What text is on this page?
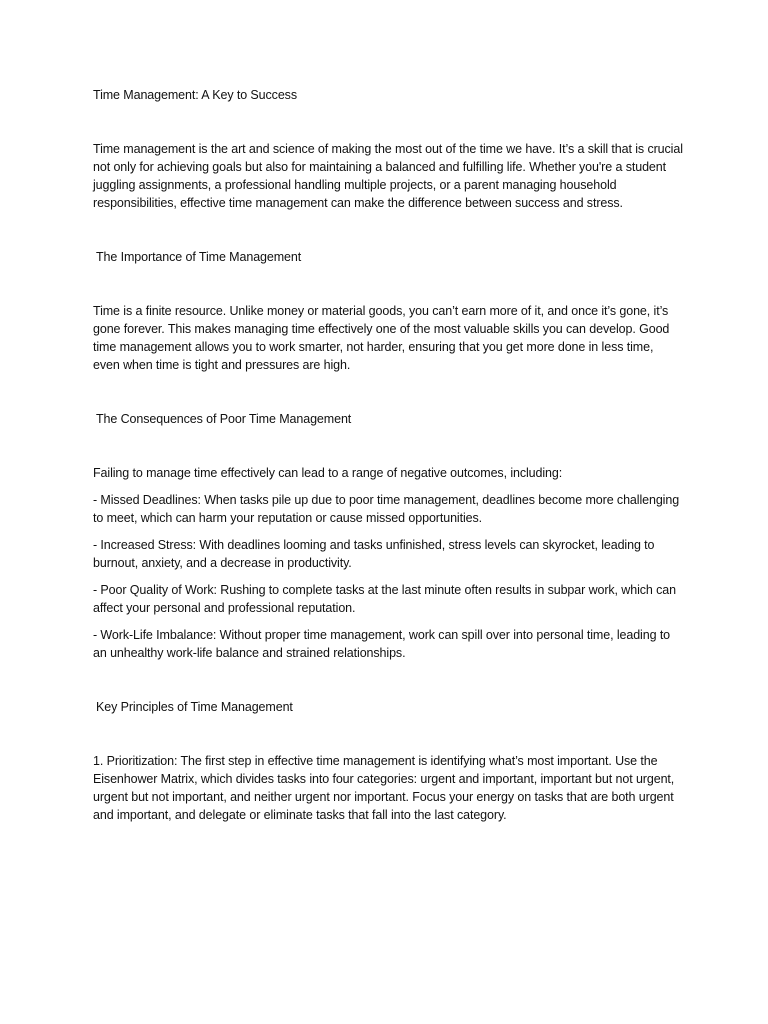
Time Management: A Key to Success

Time management is the art and science of making the most out of the time we have. It’s a skill that is crucial not only for achieving goals but also for maintaining a balanced and fulfilling life. Whether you're a student juggling assignments, a professional handling multiple projects, or a parent managing household responsibilities, effective time management can make the difference between success and stress.

The Importance of Time Management

Time is a finite resource. Unlike money or material goods, you can’t earn more of it, and once it’s gone, it’s gone forever. This makes managing time effectively one of the most valuable skills you can develop. Good time management allows you to work smarter, not harder, ensuring that you get more done in less time, even when time is tight and pressures are high.

The Consequences of Poor Time Management

Failing to manage time effectively can lead to a range of negative outcomes, including:

- Missed Deadlines: When tasks pile up due to poor time management, deadlines become more challenging to meet, which can harm your reputation or cause missed opportunities.

- Increased Stress: With deadlines looming and tasks unfinished, stress levels can skyrocket, leading to burnout, anxiety, and a decrease in productivity.

- Poor Quality of Work: Rushing to complete tasks at the last minute often results in subpar work, which can affect your personal and professional reputation.

- Work-Life Imbalance: Without proper time management, work can spill over into personal time, leading to an unhealthy work-life balance and strained relationships.

Key Principles of Time Management

1. Prioritization: The first step in effective time management is identifying what’s most important. Use the Eisenhower Matrix, which divides tasks into four categories: urgent and important, important but not urgent, urgent but not important, and neither urgent nor important. Focus your energy on tasks that are both urgent and important, and delegate or eliminate tasks that fall into the last category.
